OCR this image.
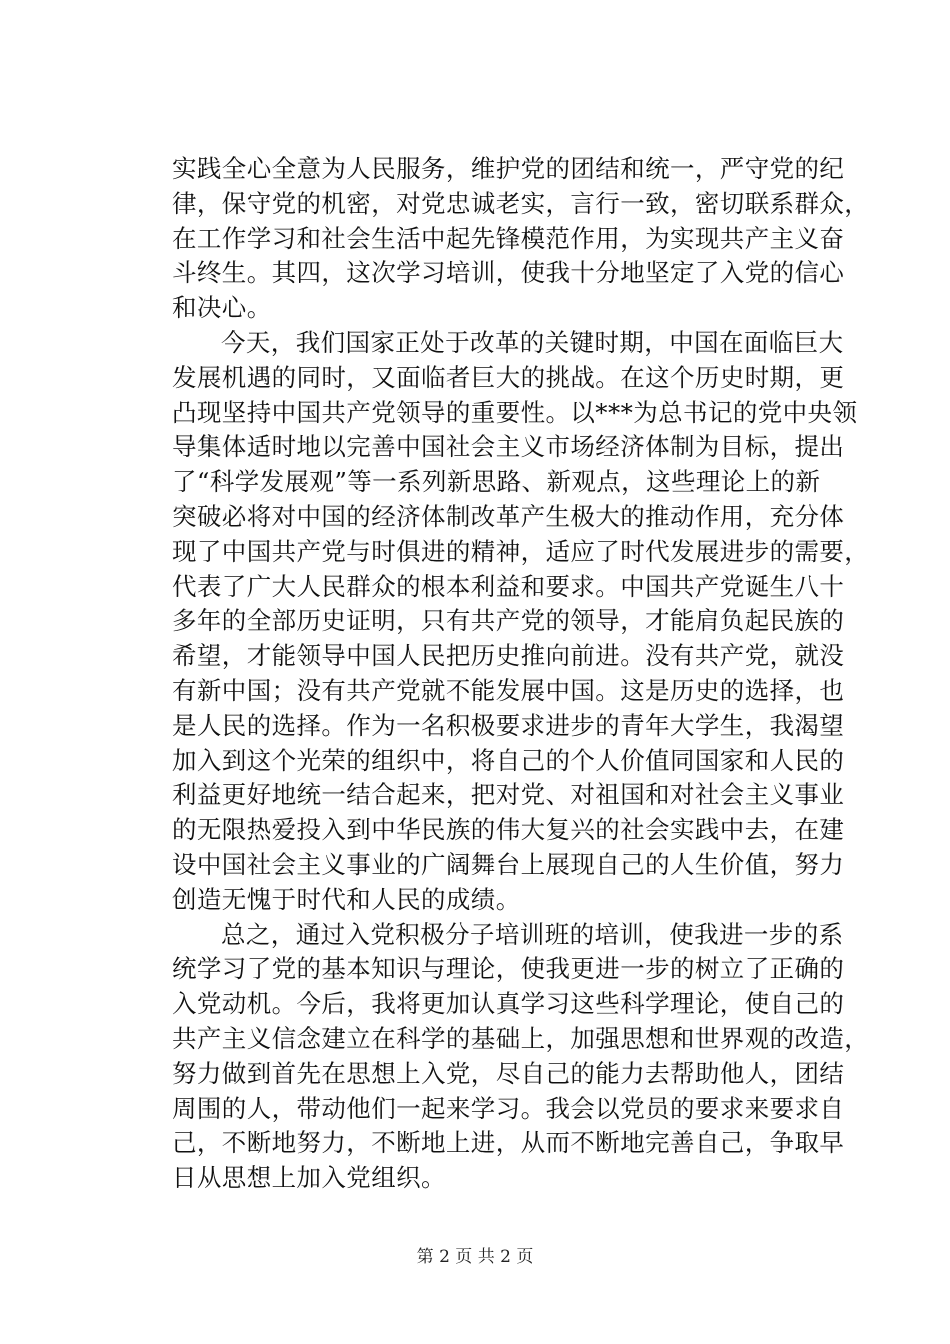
实践全心全意为人民服务，维护党的团结和统一，严守党的纪
律，保守党的机密，对党忠诚老实，言行一致，密切联系群众，
在工作学习和社会生活中起先锋模范作用，为实现共产主义奋
斗终生。其四，这次学习培训，使我十分地坚定了入党的信心
和决心。
今天，我们国家正处于改革的关键时期，中国在面临巨大
发展机遇的同时，又面临者巨大的挑战。在这个历史时期，更
凸现坚持中国共产党领导的重要性。以***为总书记的党中央领
导集体适时地以完善中国社会主义市场经济体制为目标，提出
了“科学发展观”等一系列新思路、新观点，这些理论上的新
突破必将对中国的经济体制改革产生极大的推动作用，充分体
现了中国共产党与时俱进的精神，适应了时代发展进步的需要，
代表了广大人民群众的根本利益和要求。中国共产党诞生八十
多年的全部历史证明，只有共产党的领导，才能肩负起民族的
希望，才能领导中国人民把历史推向前进。没有共产党，就没
有新中国；没有共产党就不能发展中国。这是历史的选择，也
是人民的选择。作为一名积极要求进步的青年大学生，我渴望
加入到这个光荣的组织中，将自己的个人价值同国家和人民的
利益更好地统一结合起来，把对党、对祖国和对社会主义事业
的无限热爱投入到中华民族的伟大复兴的社会实践中去，在建
设中国社会主义事业的广阔舞台上展现自己的人生价值，努力
创造无愧于时代和人民的成绩。
总之，通过入党积极分子培训班的培训，使我进一步的系
统学习了党的基本知识与理论，使我更进一步的树立了正确的
入党动机。今后，我将更加认真学习这些科学理论，使自己的
共产主义信念建立在科学的基础上，加强思想和世界观的改造，
努力做到首先在思想上入党，尽自己的能力去帮助他人，团结
周围的人，带动他们一起来学习。我会以党员的要求来要求自
己，不断地努力，不断地上进，从而不断地完善自己，争取早
日从思想上加入党组织。
第 2 页 共 2 页
